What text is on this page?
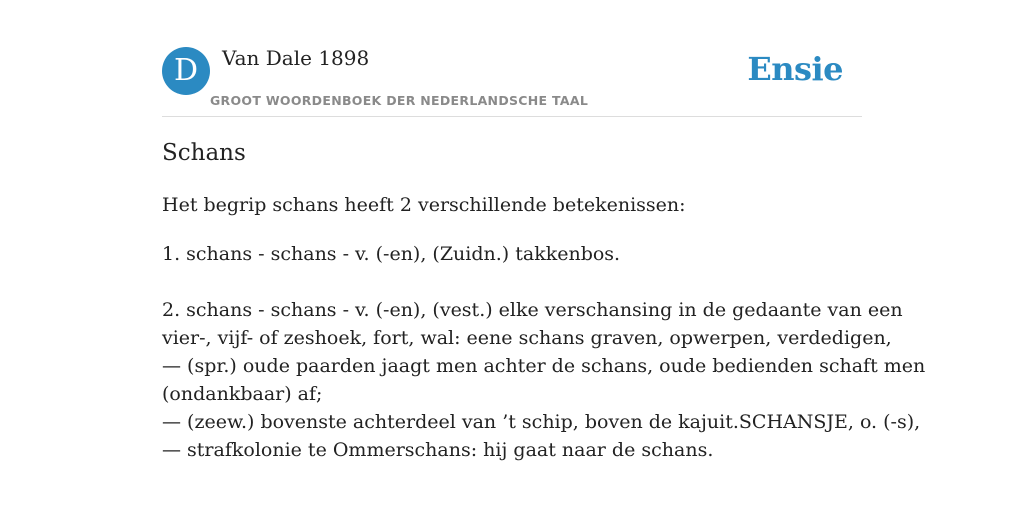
D	Van Dale 1898
GROOT WOORDENBOEK DER NEDERLANDSCHE TAAL
Ensie
Schans

Het begrip schans heeft 2 verschillende betekenissen:

1. schans - schans - v. (-en), (Zuidn.) takkenbos.

2. schans - schans - v. (-en), (vest.) elke verschansing in de gedaante van een
vier-, vijf- of zeshoek, fort, wal: eene schans graven, opwerpen, verdedigen,
— (spr.) oude paarden jaagt men achter de schans, oude bedienden schaft men
(ondankbaar) af;
— (zeew.) bovenste achterdeel van ’t schip, boven de kajuit.SCHANSJE, o. (-s),
— strafkolonie te Ommerschans: hij gaat naar de schans.
